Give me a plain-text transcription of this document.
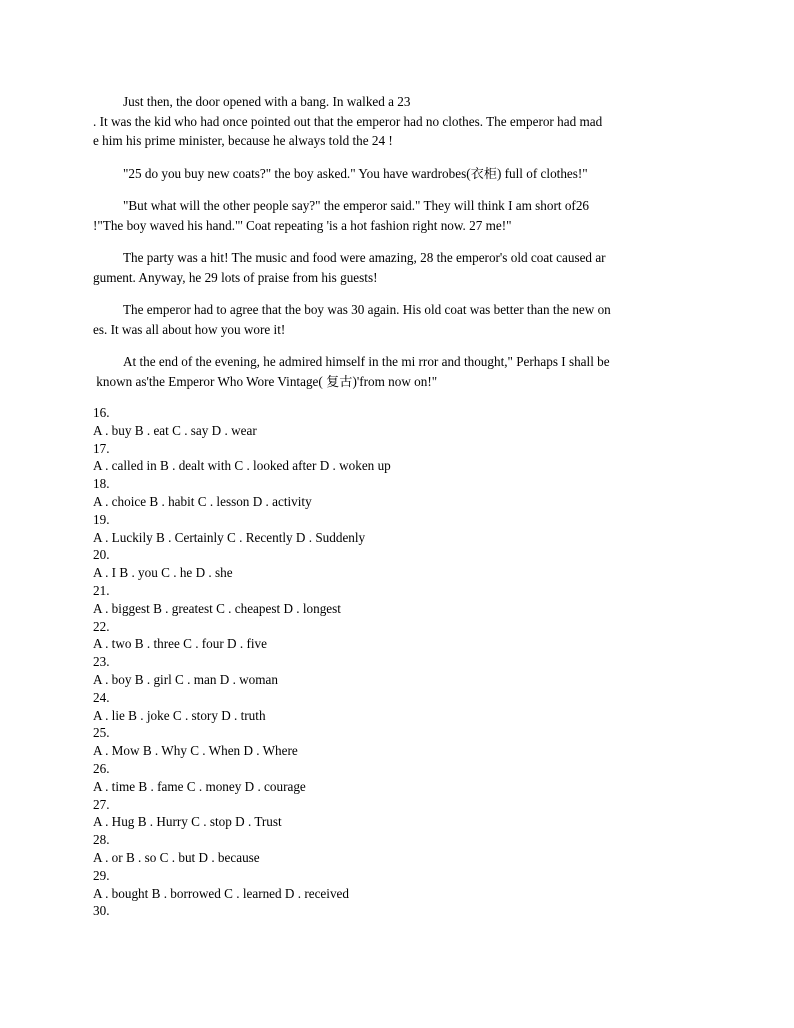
Just then, the door opened with a bang. In walked a 23
. It was the kid who had once pointed out that the emperor had no clothes. The emperor had mad
e him his prime minister, because he always told the 24 !

"25 do you buy new coats?" the boy asked." You have wardrobes(衣柜) full of clothes!"

"But what will the other people say?" the emperor said." They will think I am short of26
!"The boy waved his hand."' Coat repeating 'is a hot fashion right now. 27 me!"

The party was a hit! The music and food were amazing, 28 the emperor's old coat caused ar
gument. Anyway, he 29 lots of praise from his guests!

The emperor had to agree that the boy was 30 again. His old coat was better than the new on
es. It was all about how you wore it!

At the end of the evening, he admired himself in the mi rror and thought," Perhaps I shall be
known as'the Emperor Who Wore Vintage( 复古)'from now on!"

16.
A . buy B . eat C . say D . wear
17.
A . called in B . dealt with C . looked after D . woken up
18.
A . choice B . habit C . lesson D . activity
19.
A . Luckily B . Certainly C . Recently D . Suddenly
20.
A . I B . you C . he D . she
21.
A . biggest B . greatest C . cheapest D . longest
22.
A . two B . three C . four D . five
23.
A . boy B . girl C . man D . woman
24.
A . lie B . joke C . story D . truth
25.
A . Mow B . Why C . When D . Where
26.
A . time B . fame C . money D . courage
27.
A . Hug B . Hurry C . stop D . Trust
28.
A . or B . so C . but D . because
29.
A . bought B . borrowed C . learned D . received
30.
